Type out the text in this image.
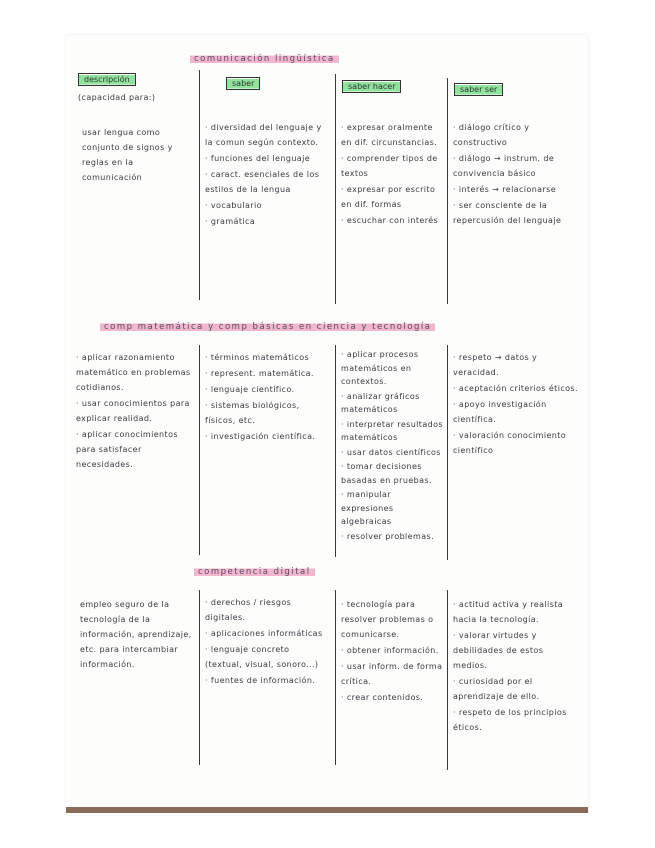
comunicación lingüística
descripción
(capacidad para:)
saber	saber hacer	saber ser
usar lengua como conjunto de signos y reglas en la comunicación
· diversidad del lenguaje y la comun según contexto.
· funciones del lenguaje
· caract. esenciales de los estilos de la lengua
· vocabulario
· gramática
· expresar oralmente en dif. circunstancias.
· comprender tipos de textos
· expresar por escrito en dif. formas
· escuchar con interés
· diálogo crítico y constructivo
· diálogo → instrum. de convivencia básico
· interés → relacionarse
· ser consciente de la repercusión del lenguaje
comp matemática y comp básicas en ciencia y tecnología
· aplicar razonamiento matemático en problemas cotidianos.
· usar conocimientos para explicar realidad.
· aplicar conocimientos para satisfacer necesidades.
· términos matemáticos
· represent. matemática.
· lenguaje científico.
· sistemas biológicos, físicos, etc.
· investigación científica.
· aplicar procesos matemáticos en contextos.
· analizar gráficos matemáticos
· interpretar resultados matemáticos
· usar datos científicos
· tomar decisiones basadas en pruebas.
· manipular expresiones algebraicas
· resolver problemas.
· respeto → datos y veracidad.
· aceptación criterios éticos.
· apoyo investigación científica.
· valoración conocimiento científico
competencia digital
empleo seguro de la tecnología de la información, aprendizaje, etc. para intercambiar información.
· derechos / riesgos digitales.
· aplicaciones informáticas
· lenguaje concreto (textual, visual, sonoro...)
· fuentes de información.
· tecnología para resolver problemas o comunicarse.
· obtener información.
· usar inform. de forma crítica.
· crear contenidos.
· actitud activa y realista hacia la tecnología.
· valorar virtudes y debilidades de estos medios.
· curiosidad por el aprendizaje de ello.
· respeto de los principios éticos.
